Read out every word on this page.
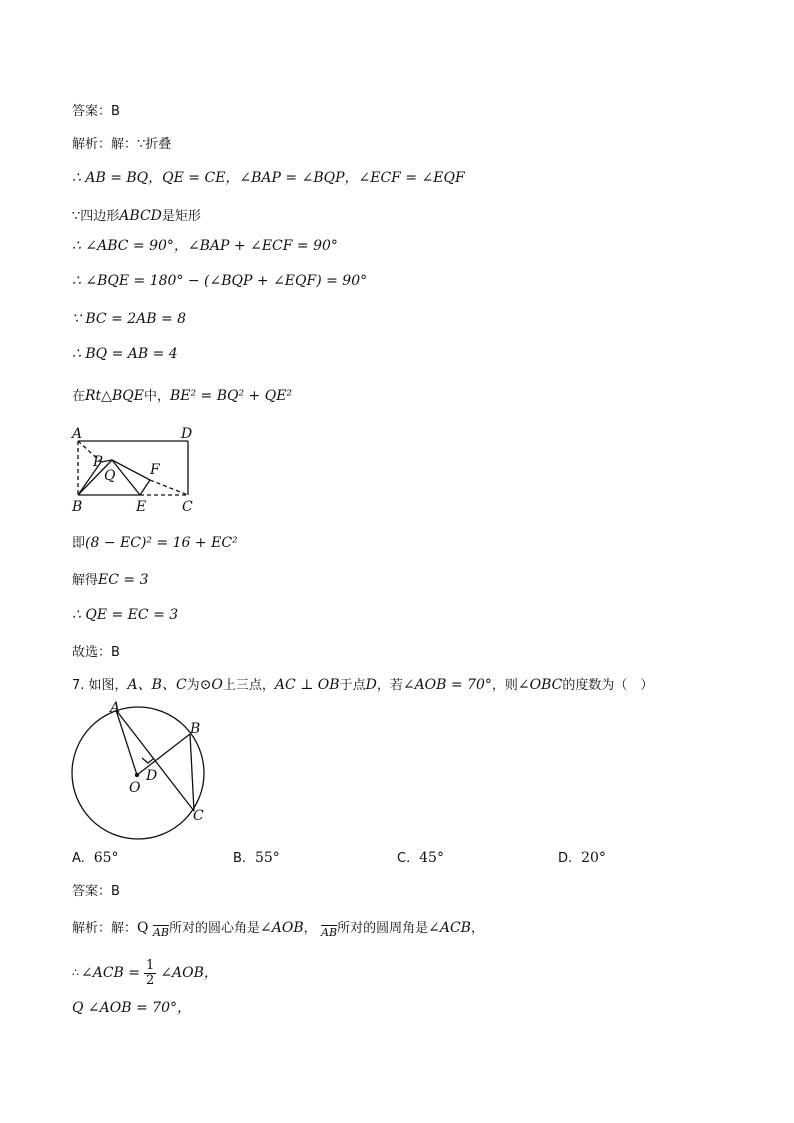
答案：B
解析：解：∵折叠
∴ AB = BQ，QE = CE，∠BAP = ∠BQP，∠ECF = ∠EQF
∵四边形ABCD是矩形
∴ ∠ABC = 90°，∠BAP + ∠ECF = 90°
∴ ∠BQE = 180° − (∠BQP + ∠EQF) = 90°
∵ BC = 2AB = 8
∴ BQ = AB = 4
在Rt△BQE中，BE² = BQ² + QE²
A	D
P
Q F
B	E	C
即(8 − EC)² = 16 + EC²
解得EC = 3
∴ QE = EC = 3
故选：B
7. 如图，A、B、C为⊙O上三点，AC ⊥ OB于点D，若∠AOB = 70°，则∠OBC的度数为（　）
A
B
O
D
C
A. 65°	B. 55°	C. 45°	D. 20°
答案：B
解析：解：Q $_{\overline{AB}}$所对的圆心角是∠AOB， $_{\overline{AB}}$所对的圆周角是∠ACB，
∴ ∠ACB = $\frac{1}{2}$ ∠AOB，
Q ∠AOB = 70°，
